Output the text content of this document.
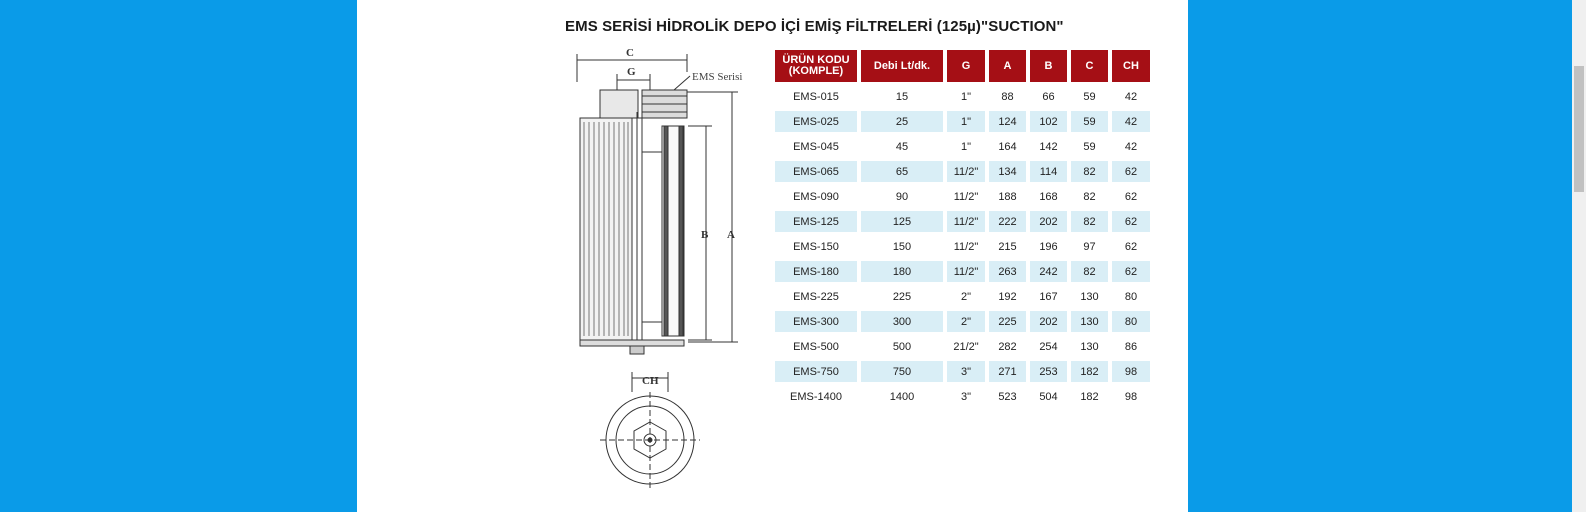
EMS SERİSİ HİDROLİK DEPO İÇİ EMİŞ FİLTRELERİ (125µ)"SUCTION"
C
G
B A
CH
EMS Serisi
ÜRÜN KODU (KOMPLE)	Debi Lt/dk.	G	A	B	C	CH
EMS-015	15	1"	88	66	59	42
EMS-025	25	1"	124	102	59	42
EMS-045	45	1"	164	142	59	42
EMS-065	65	11/2"	134	114	82	62
EMS-090	90	11/2"	188	168	82	62
EMS-125	125	11/2"	222	202	82	62
EMS-150	150	11/2"	215	196	97	62
EMS-180	180	11/2"	263	242	82	62
EMS-225	225	2"	192	167	130	80
EMS-300	300	2"	225	202	130	80
EMS-500	500	21/2"	282	254	130	86
EMS-750	750	3"	271	253	182	98
EMS-1400	1400	3"	523	504	182	98
